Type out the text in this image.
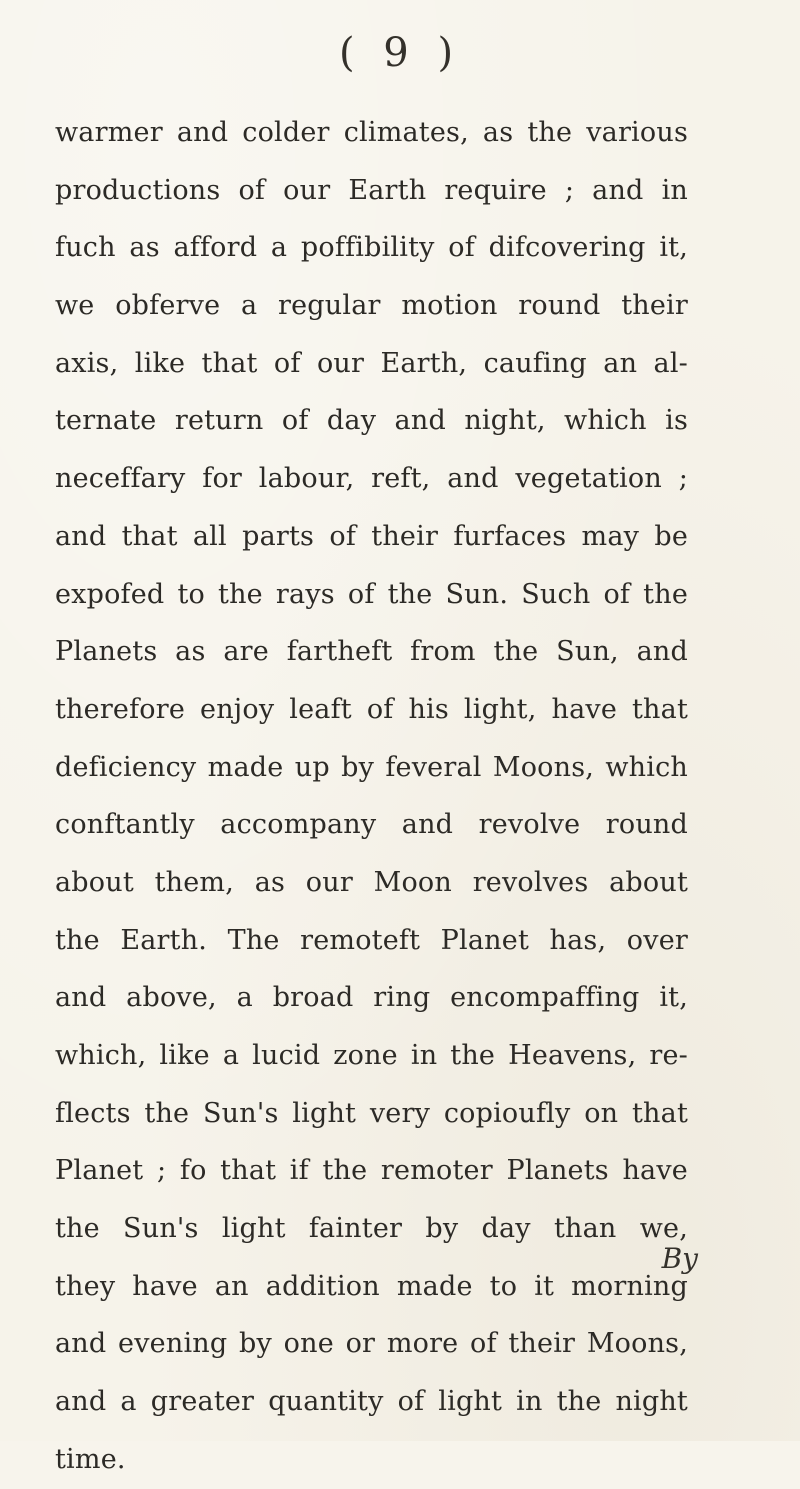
( 9 )
warmer and colder climates, as the various
productions of our Earth require ; and in
fuch as afford a poffibility of difcovering it,
we obferve a regular motion round their
axis, like that of our Earth, caufing an al-
ternate return of day and night, which is
neceffary for labour, reft, and vegetation ;
and that all parts of their furfaces may be
expofed to the rays of the Sun. Such of the
Planets as are fartheft from the Sun, and
therefore enjoy leaft of his light, have that
deficiency made up by feveral Moons, which
conftantly accompany and revolve round
about them, as our Moon revolves about
the Earth. The remoteft Planet has, over
and above, a broad ring encompaffing it,
which, like a lucid zone in the Heavens, re-
flects the Sun's light very copioufly on that
Planet ; fo that if the remoter Planets have
the Sun's light fainter by day than we,
they have an addition made to it morning
and evening by one or more of their Moons,
and a greater quantity of light in the night
time.
By
